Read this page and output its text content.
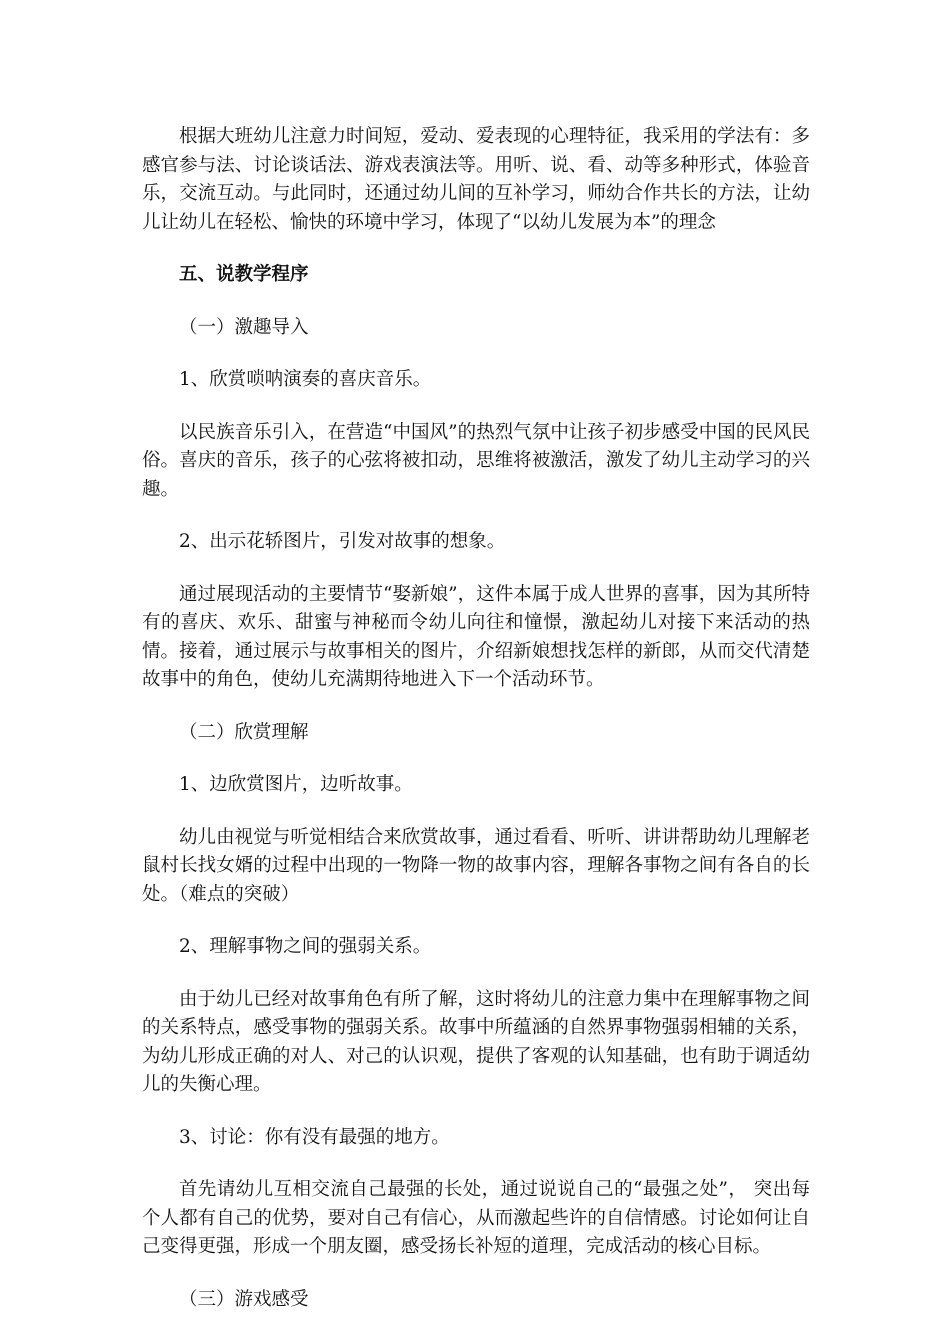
根据大班幼儿注意力时间短，爱动、爱表现的心理特征，我采用的学法有：多感官参与法、讨论谈话法、游戏表演法等。用听、说、看、动等多种形式，体验音乐，交流互动。与此同时，还通过幼儿间的互补学习，师幼合作共长的方法，让幼儿让幼儿在轻松、愉快的环境中学习，体现了“以幼儿发展为本”的理念

五、说教学程序

（一）激趣导入

1、欣赏唢呐演奏的喜庆音乐。

以民族音乐引入，在营造“中国风”的热烈气氛中让孩子初步感受中国的民风民俗。喜庆的音乐，孩子的心弦将被扣动，思维将被激活，激发了幼儿主动学习的兴趣。

2、出示花轿图片，引发对故事的想象。

通过展现活动的主要情节“娶新娘”，这件本属于成人世界的喜事，因为其所特有的喜庆、欢乐、甜蜜与神秘而令幼儿向往和憧憬，激起幼儿对接下来活动的热情。接着，通过展示与故事相关的图片，介绍新娘想找怎样的新郎，从而交代清楚故事中的角色，使幼儿充满期待地进入下一个活动环节。

（二）欣赏理解

1、边欣赏图片，边听故事。

幼儿由视觉与听觉相结合来欣赏故事，通过看看、听听、讲讲帮助幼儿理解老鼠村长找女婿的过程中出现的一物降一物的故事内容，理解各事物之间有各自的长处。（难点的突破）

2、理解事物之间的强弱关系。

由于幼儿已经对故事角色有所了解，这时将幼儿的注意力集中在理解事物之间的关系特点，感受事物的强弱关系。故事中所蕴涵的自然界事物强弱相辅的关系，为幼儿形成正确的对人、对己的认识观，提供了客观的认知基础，也有助于调适幼儿的失衡心理。

3、讨论：你有没有最强的地方。

首先请幼儿互相交流自己最强的长处，通过说说自己的“最强之处”， 突出每个人都有自己的优势，要对自己有信心，从而激起些许的自信情感。讨论如何让自己变得更强，形成一个朋友圈，感受扬长补短的道理，完成活动的核心目标。

（三）游戏感受
